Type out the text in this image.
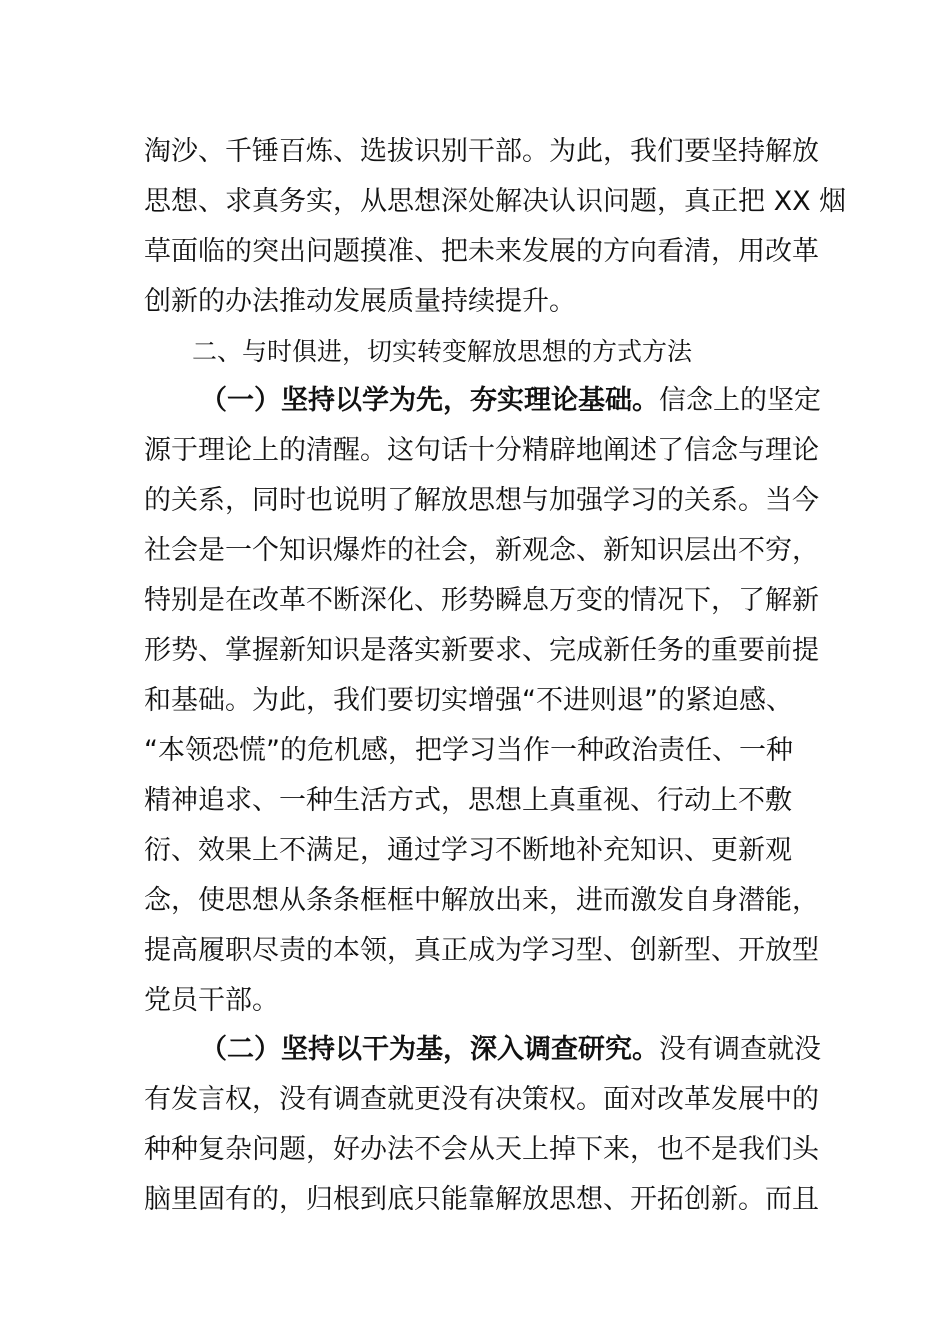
淘沙、千锤百炼、选拔识别干部。为此，我们要坚持解放
思想、求真务实，从思想深处解决认识问题，真正把 XX 烟
草面临的突出问题摸准、把未来发展的方向看清，用改革
创新的办法推动发展质量持续提升。
二、与时俱进，切实转变解放思想的方式方法
（一）坚持以学为先，夯实理论基础。信念上的坚定
源于理论上的清醒。这句话十分精辟地阐述了信念与理论
的关系，同时也说明了解放思想与加强学习的关系。当今
社会是一个知识爆炸的社会，新观念、新知识层出不穷，
特别是在改革不断深化、形势瞬息万变的情况下，了解新
形势、掌握新知识是落实新要求、完成新任务的重要前提
和基础。为此，我们要切实增强“不进则退”的紧迫感、
“本领恐慌”的危机感，把学习当作一种政治责任、一种
精神追求、一种生活方式，思想上真重视、行动上不敷
衍、效果上不满足，通过学习不断地补充知识、更新观
念，使思想从条条框框中解放出来，进而激发自身潜能，
提高履职尽责的本领，真正成为学习型、创新型、开放型
党员干部。
（二）坚持以干为基，深入调查研究。没有调查就没
有发言权，没有调查就更没有决策权。面对改革发展中的
种种复杂问题，好办法不会从天上掉下来，也不是我们头
脑里固有的，归根到底只能靠解放思想、开拓创新。而且
